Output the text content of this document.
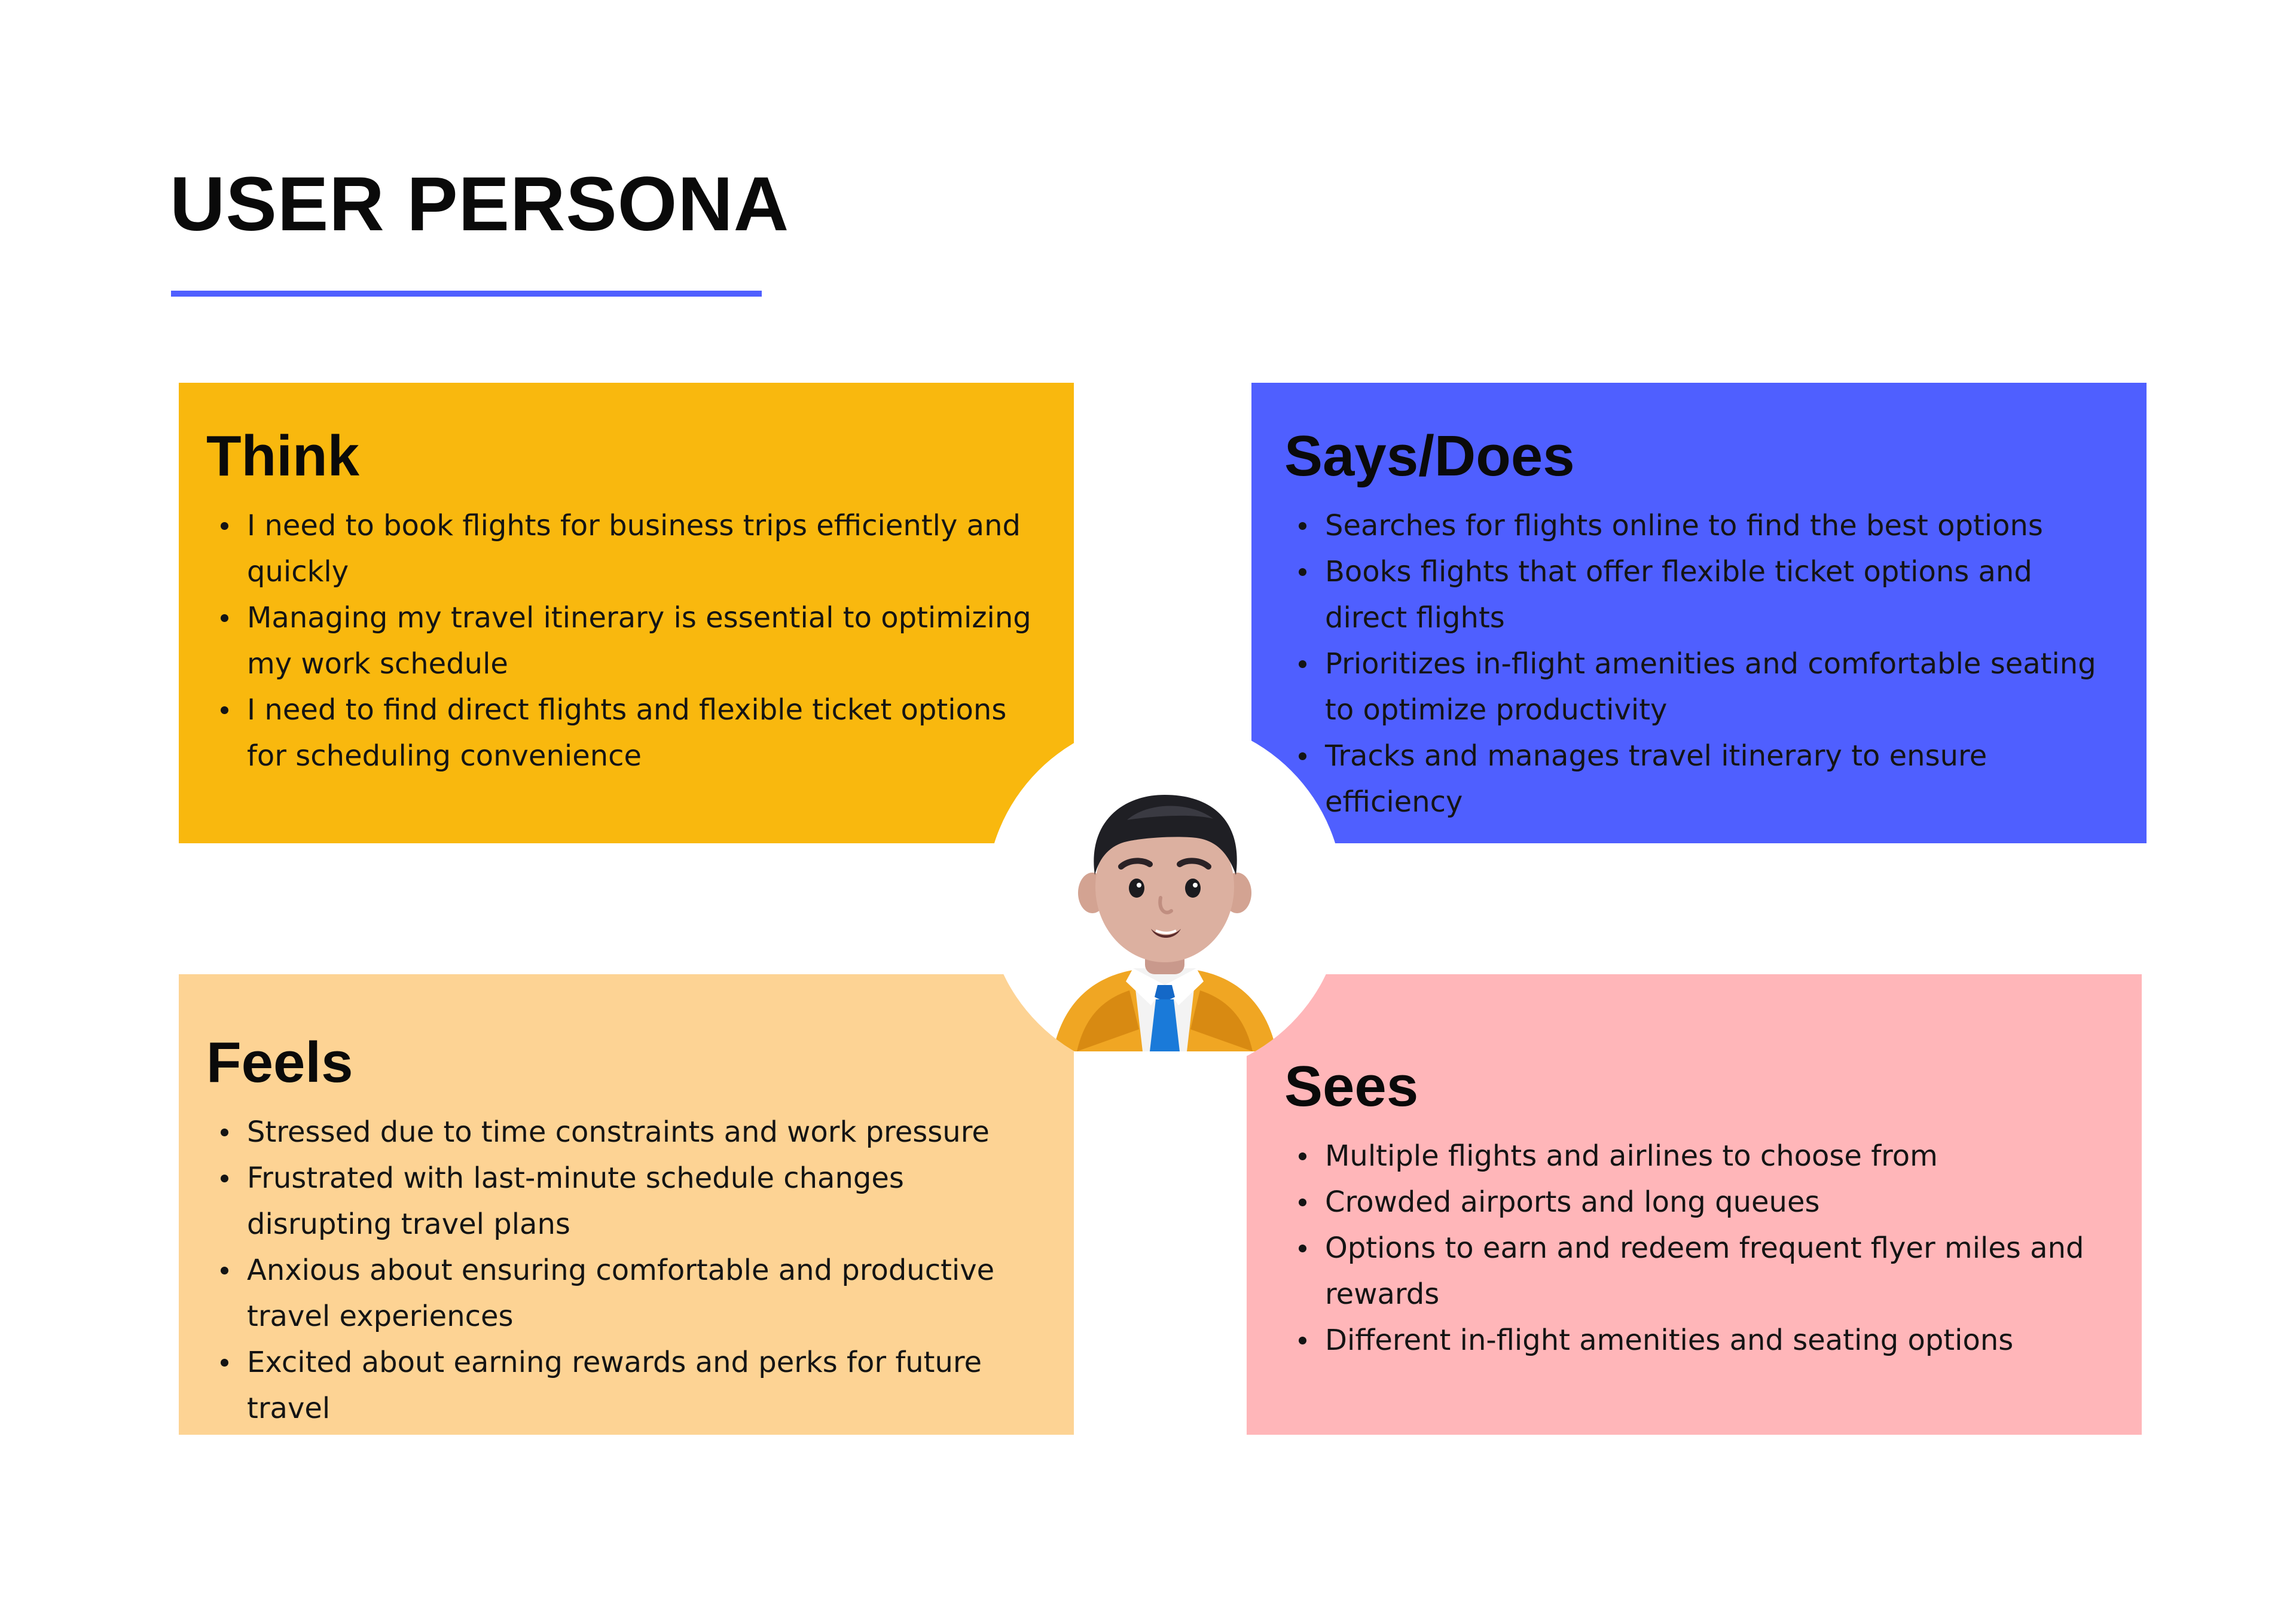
USER PERSONA
Think
I need to book flights for business trips efficiently and quickly
Managing my travel itinerary is essential to optimizing my work schedule
I need to find direct flights and flexible ticket options for scheduling convenience
Says/Does
Searches for flights online to find the best options
Books flights that offer flexible ticket options and direct flights
Prioritizes in-flight amenities and comfortable seating to optimize productivity
Tracks and manages travel itinerary to ensure efficiency
Feels
Stressed due to time constraints and work pressure
Frustrated with last-minute schedule changes disrupting travel plans
Anxious about ensuring comfortable and productive travel experiences
Excited about earning rewards and perks for future travel
Sees
Multiple flights and airlines to choose from
Crowded airports and long queues
Options to earn and redeem frequent flyer miles and rewards
Different in-flight amenities and seating options
